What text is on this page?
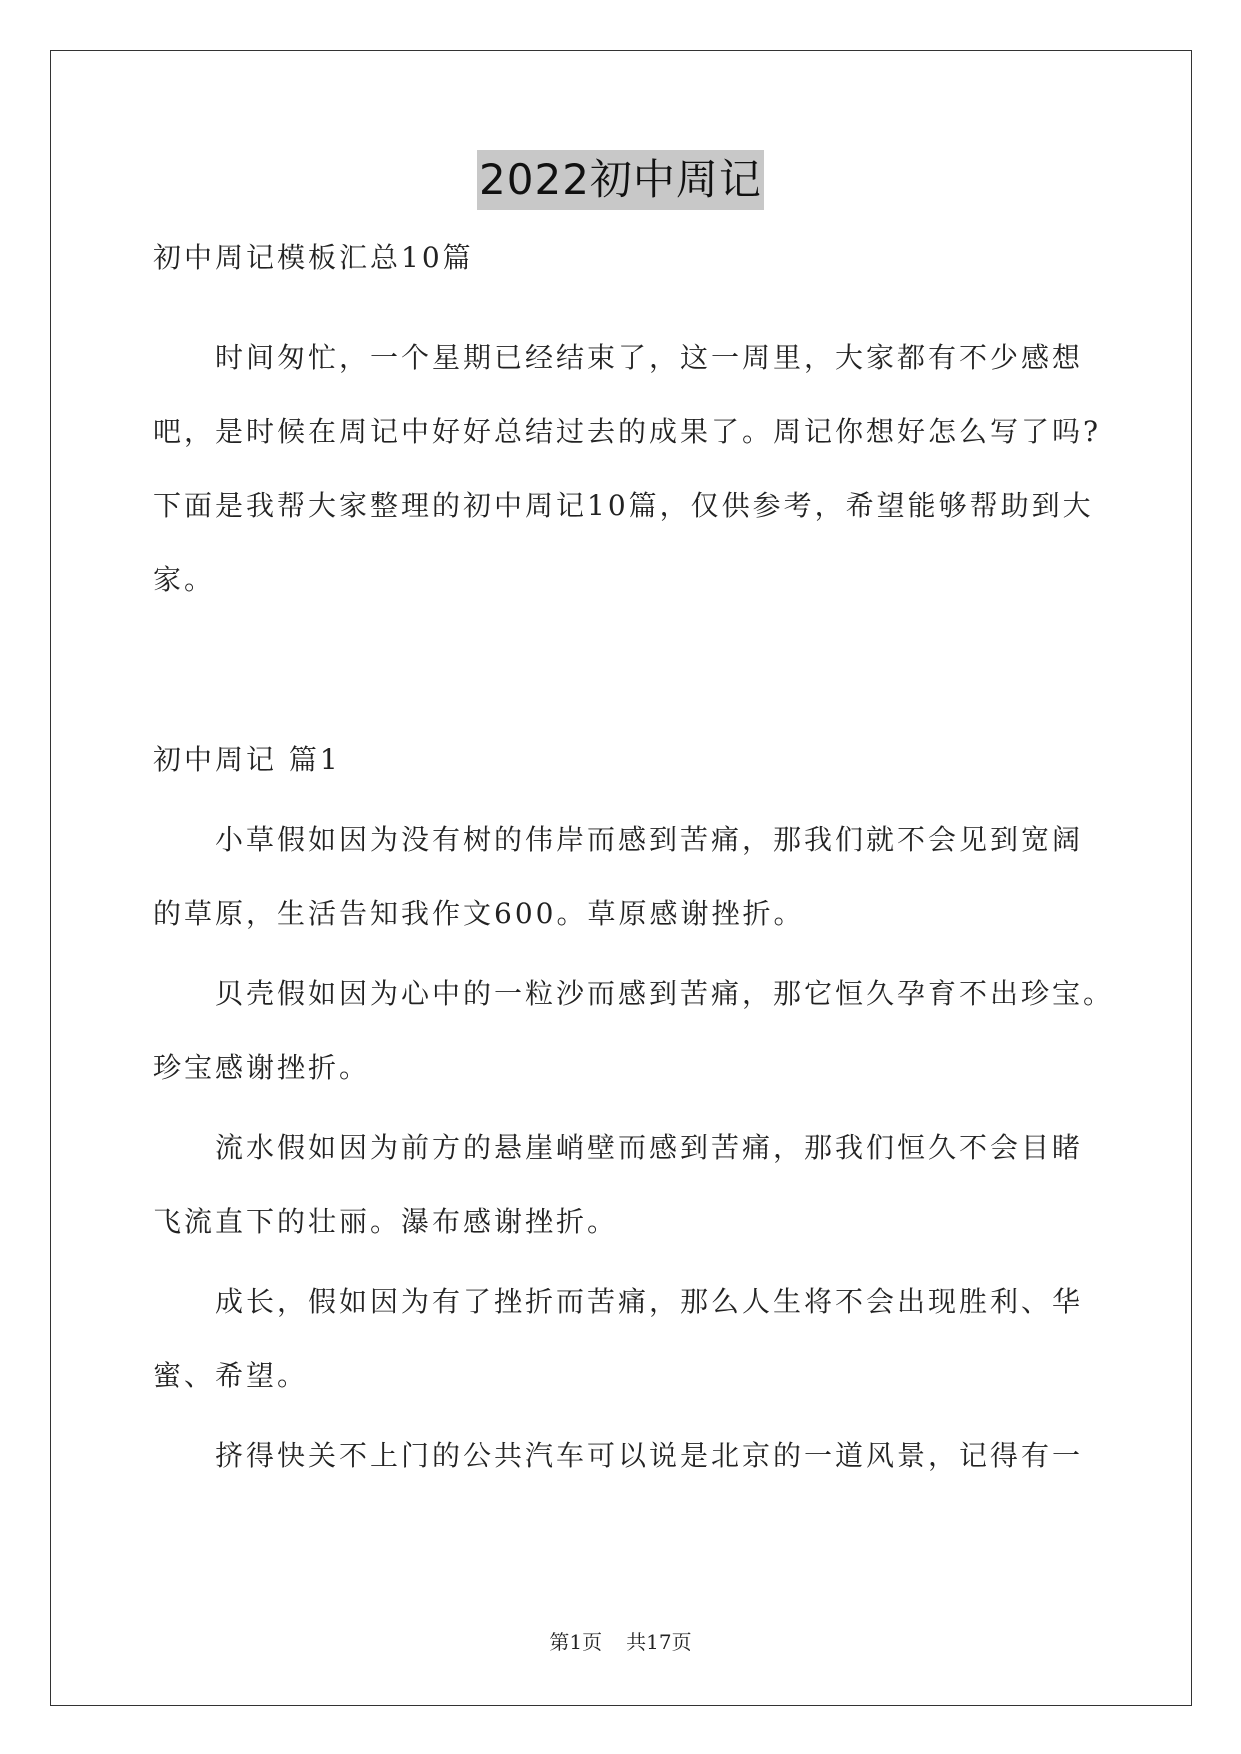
2022初中周记
初中周记模板汇总10篇
时间匆忙，一个星期已经结束了，这一周里，大家都有不少感想
吧，是时候在周记中好好总结过去的成果了。周记你想好怎么写了吗?
下面是我帮大家整理的初中周记10篇，仅供参考，希望能够帮助到大
家。
初中周记 篇1
小草假如因为没有树的伟岸而感到苦痛，那我们就不会见到宽阔
的草原，生活告知我作文600。草原感谢挫折。
贝壳假如因为心中的一粒沙而感到苦痛，那它恒久孕育不出珍宝。
珍宝感谢挫折。
流水假如因为前方的悬崖峭壁而感到苦痛，那我们恒久不会目睹
飞流直下的壮丽。瀑布感谢挫折。
成长，假如因为有了挫折而苦痛，那么人生将不会出现胜利、华
蜜、希望。
挤得快关不上门的公共汽车可以说是北京的一道风景，记得有一
第1页 共17页
